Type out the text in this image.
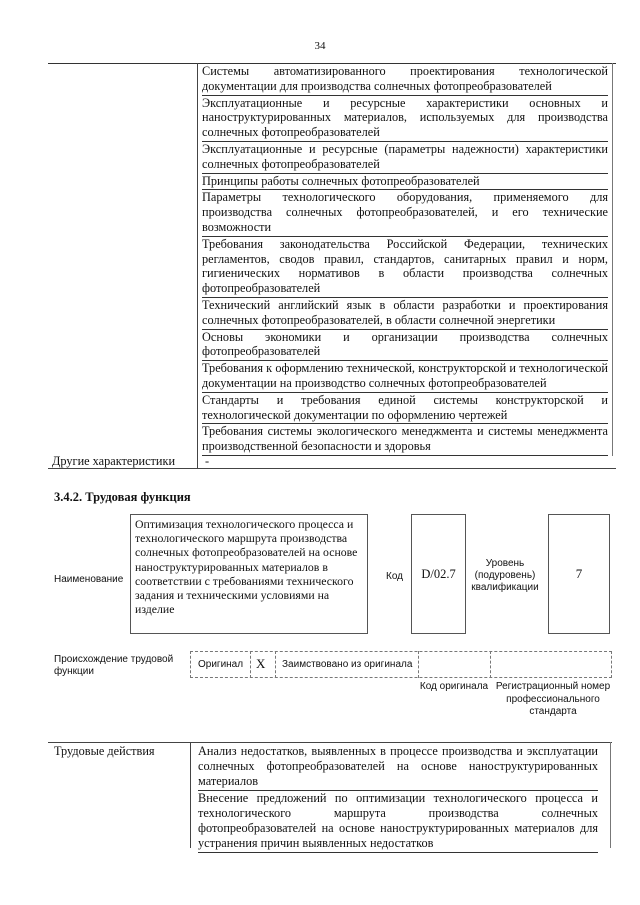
34
Системы автоматизированного проектирования технологической документации для производства солнечных фотопреобразователей
Эксплуатационные и ресурсные характеристики основных и наноструктурированных материалов, используемых для производства солнечных фотопреобразователей
Эксплуатационные и ресурсные (параметры надежности) характеристики солнечных фотопреобразователей
Принципы работы солнечных фотопреобразователей
Параметры технологического оборудования, применяемого для производства солнечных фотопреобразователей, и его технические возможности
Требования законодательства Российской Федерации, технических регламентов, сводов правил, стандартов, санитарных правил и норм, гигиенических нормативов в области производства солнечных фотопреобразователей
Технический английский язык в области разработки и проектирования солнечных фотопреобразователей, в области солнечной энергетики
Основы экономики и организации производства солнечных фотопреобразователей
Требования к оформлению технической, конструкторской и технологической документации на производство солнечных фотопреобразователей
Стандарты и требования единой системы конструкторской и технологической документации по оформлению чертежей
Требования системы экологического менеджмента и системы менеджмента производственной безопасности и здоровья
Другие характеристики -
3.4.2. Трудовая функция
Наименование
Оптимизация технологического процесса и технологического маршрута производства солнечных фотопреобразователей на основе наноструктурированных материалов в соответствии с требованиями технического задания и техническими условиями на изделие
Код	D/02.7
Уровень (подуровень) квалификации
7
Происхождение трудовой функции
Оригинал X Заимствовано из оригинала
Код оригинала Регистрационный номер профессионального стандарта
Трудовые действия	Анализ недостатков, выявленных в процессе производства и эксплуатации солнечных фотопреобразователей на основе наноструктурированных материалов
Внесение предложений по оптимизации технологического процесса и технологического маршрута производства солнечных фотопреобразователей на основе наноструктурированных материалов для устранения причин выявленных недостатков
